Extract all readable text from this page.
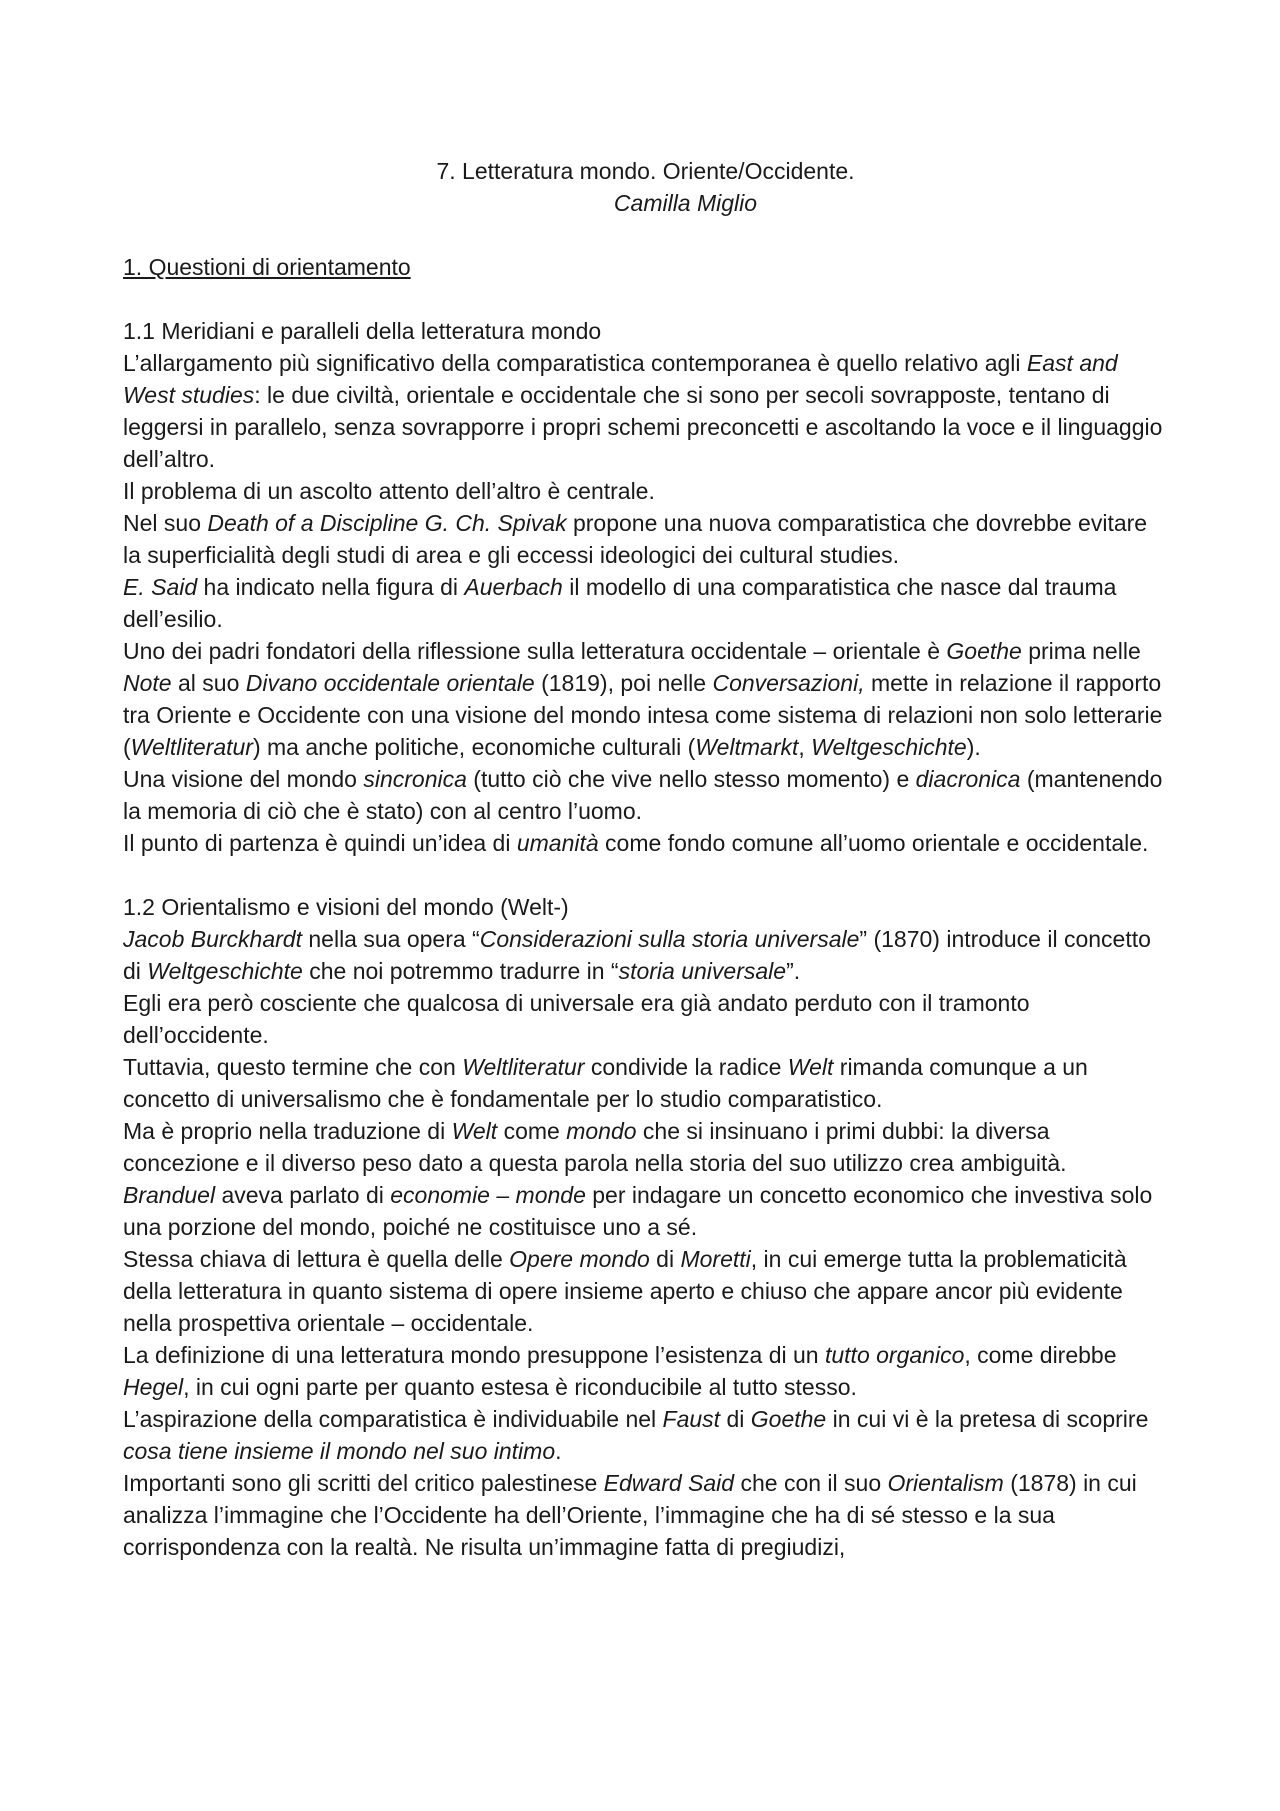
7. Letteratura mondo. Oriente/Occidente.
Camilla Miglio
1. Questioni di orientamento
1.1 Meridiani e paralleli della letteratura mondo

L’allargamento più significativo della comparatistica contemporanea è quello relativo agli East and West studies: le due civiltà, orientale e occidentale che si sono per secoli sovrapposte, tentano di leggersi in parallelo, senza sovrapporre i propri schemi preconcetti e ascoltando la voce e il linguaggio dell’altro.

Il problema di un ascolto attento dell’altro è centrale.

Nel suo Death of a Discipline G. Ch. Spivak propone una nuova comparatistica che dovrebbe evitare la superficialità degli studi di area e gli eccessi ideologici dei cultural studies.

E. Said ha indicato nella figura di Auerbach il modello di una comparatistica che nasce dal trauma dell’esilio.

Uno dei padri fondatori della riflessione sulla letteratura occidentale – orientale è Goethe prima nelle Note al suo Divano occidentale orientale (1819), poi nelle Conversazioni, mette in relazione il rapporto tra Oriente e Occidente con una visione del mondo intesa come sistema di relazioni non solo letterarie (Weltliteratur) ma anche politiche, economiche culturali (Weltmarkt, Weltgeschichte).

Una visione del mondo sincronica (tutto ciò che vive nello stesso momento) e diacronica (mantenendo la memoria di ciò che è stato) con al centro l’uomo.

Il punto di partenza è quindi un’idea di umanità come fondo comune all’uomo orientale e occidentale.

1.2 Orientalismo e visioni del mondo (Welt-)

Jacob Burckhardt nella sua opera “Considerazioni sulla storia universale” (1870) introduce il concetto di Weltgeschichte che noi potremmo tradurre in “storia universale”.

Egli era però cosciente che qualcosa di universale era già andato perduto con il tramonto dell’occidente.

Tuttavia, questo termine che con Weltliteratur condivide la radice Welt rimanda comunque a un concetto di universalismo che è fondamentale per lo studio comparatistico.

Ma è proprio nella traduzione di Welt come mondo che si insinuano i primi dubbi: la diversa concezione e il diverso peso dato a questa parola nella storia del suo utilizzo crea ambiguità.

Branduel aveva parlato di economie – monde per indagare un concetto economico che investiva solo una porzione del mondo, poiché ne costituisce uno a sé.

Stessa chiava di lettura è quella delle Opere mondo di Moretti, in cui emerge tutta la problematicità della letteratura in quanto sistema di opere insieme aperto e chiuso che appare ancor più evidente nella prospettiva orientale – occidentale.

La definizione di una letteratura mondo presuppone l’esistenza di un tutto organico, come direbbe Hegel, in cui ogni parte per quanto estesa è riconducibile al tutto stesso.

L’aspirazione della comparatistica è individuabile nel Faust di Goethe in cui vi è la pretesa di scoprire cosa tiene insieme il mondo nel suo intimo.

Importanti sono gli scritti del critico palestinese Edward Said che con il suo Orientalism (1878) in cui analizza l’immagine che l’Occidente ha dell’Oriente, l’immagine che ha di sé stesso e la sua corrispondenza con la realtà. Ne risulta un’immagine fatta di pregiudizi,
